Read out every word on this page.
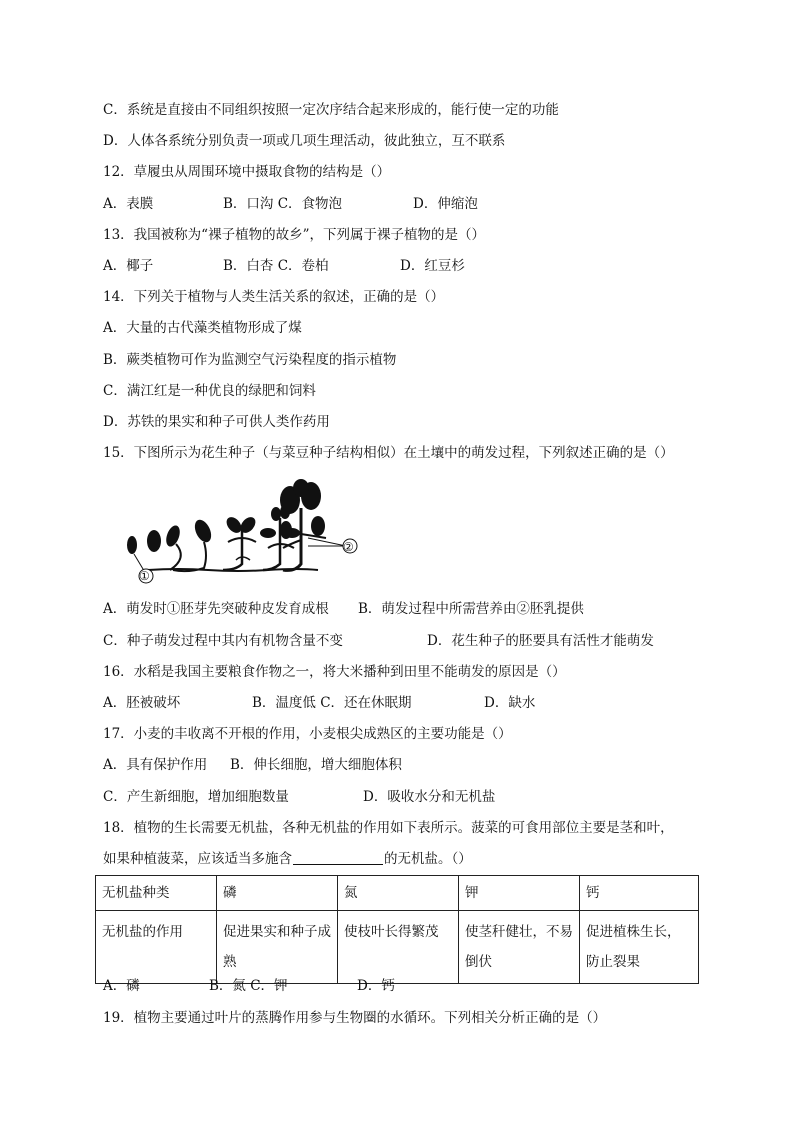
C．系统是直接由不同组织按照一定次序结合起来形成的，能行使一定的功能
D．人体各系统分别负责一项或几项生理活动，彼此独立，互不联系
12．草履虫从周围环境中摄取食物的结构是（）
A．表膜	B．口沟 C．食物泡	D．伸缩泡
13．我国被称为“裸子植物的故乡”，下列属于裸子植物的是（）
A．椰子	B．白杏 C．卷柏	D．红豆杉
14．下列关于植物与人类生活关系的叙述，正确的是（）
A．大量的古代藻类植物形成了煤
B．蕨类植物可作为监测空气污染程度的指示植物
C．满江红是一种优良的绿肥和饲料
D．苏铁的果实和种子可供人类作药用
15．下图所示为花生种子（与菜豆种子结构相似）在土壤中的萌发过程，下列叙述正确的是（）
①
②
A．萌发时①胚芽先突破种皮发育成根 B．萌发过程中所需营养由②胚乳提供
C．种子萌发过程中其内有机物含量不变	D．花生种子的胚要具有活性才能萌发
16．水稻是我国主要粮食作物之一，将大米播种到田里不能萌发的原因是（）
A．胚被破坏	B．温度低 C．还在休眠期	D．缺水
17．小麦的丰收离不开根的作用，小麦根尖成熟区的主要功能是（）
A．具有保护作用 B．伸长细胞，增大细胞体积
C．产生新细胞，增加细胞数量	D．吸收水分和无机盐
18．植物的生长需要无机盐，各种无机盐的作用如下表所示。菠菜的可食用部位主要是茎和叶，
如果种植菠菜，应该适当多施含	的无机盐。（）
无机盐种类	磷	氮	钾	钙
无机盐的作用	促进果实和种子成熟	使枝叶长得繁茂	使茎秆健壮，不易倒伏	促进植株生长，防止裂果
A．磷	B．氮 C．钾	D．钙
19．植物主要通过叶片的蒸腾作用参与生物圈的水循环。下列相关分析正确的是（）
